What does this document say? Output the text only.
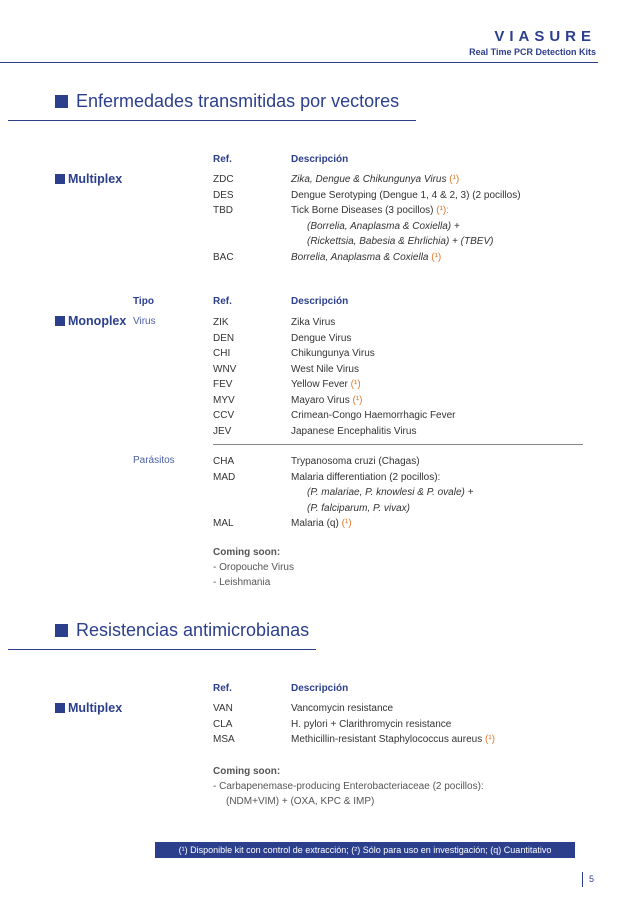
VIASURE
Real Time PCR Detection Kits
Enfermedades transmitidas por vectores
Ref.	Descripción
Multiplex	ZDC	Zika, Dengue & Chikungunya Virus (¹)
DES	Dengue Serotyping (Dengue 1, 4 & 2, 3) (2 pocillos)
TBD	Tick Borne Diseases (3 pocillos) (¹):
(Borrelia, Anaplasma & Coxiella) +
(Rickettsia, Babesia & Ehrlichia) + (TBEV)
BAC	Borrelia, Anaplasma & Coxiella (¹)
Tipo	Ref.	Descripción
Monoplex Virus	ZIK	Zika Virus
DEN	Dengue Virus
CHI	Chikungunya Virus
WNV	West Nile Virus
FEV	Yellow Fever (¹)
MYV	Mayaro Virus (¹)
CCV	Crimean-Congo Haemorrhagic Fever
JEV	Japanese Encephalitis Virus
Parásitos	CHA	Trypanosoma cruzi (Chagas)
MAD	Malaria differentiation (2 pocillos):
(P. malariae, P. knowlesi & P. ovale) +
(P. falciparum, P. vivax)
MAL	Malaria (q) (¹)
Coming soon:
- Oropouche Virus
- Leishmania
Resistencias antimicrobianas
Ref.	Descripción
Multiplex	VAN	Vancomycin resistance
CLA	H. pylori + Clarithromycin resistance
MSA	Methicillin-resistant Staphylococcus aureus (¹)
Coming soon:
- Carbapenemase-producing Enterobacteriaceae (2 pocillos):
(NDM+VIM) + (OXA, KPC & IMP)
(¹) Disponible kit con control de extracción; (²) Sólo para uso en investigación; (q) Cuantitativo
5
